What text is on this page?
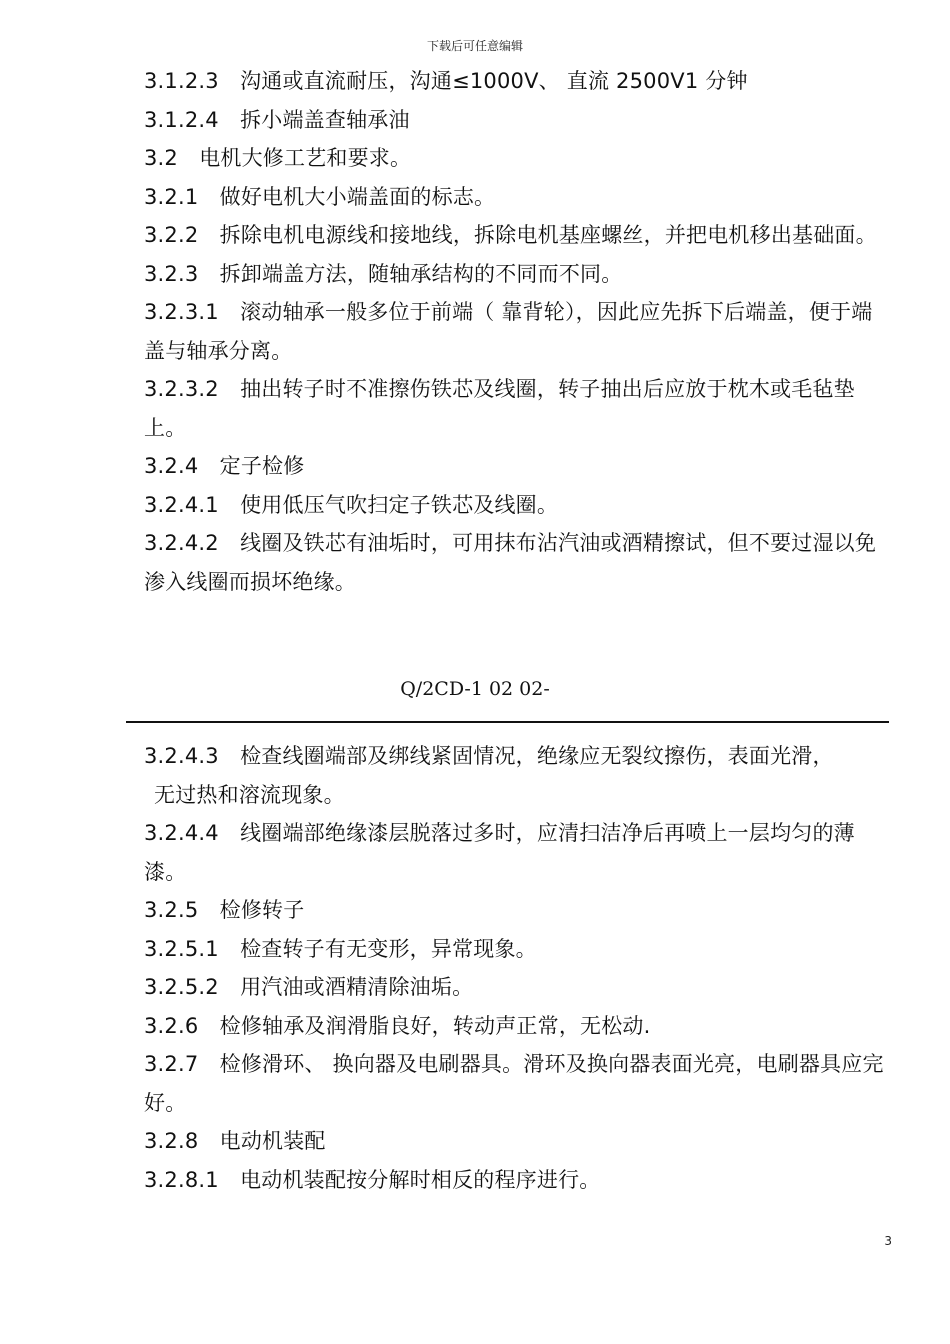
下载后可任意编辑
3.1.2.3　沟通或直流耐压，沟通≤1000V、 直流 2500V1 分钟
3.1.2.4　拆小端盖查轴承油
3.2　电机大修工艺和要求。
3.2.1　做好电机大小端盖面的标志。
3.2.2　拆除电机电源线和接地线，拆除电机基座螺丝，并把电机移出基础面。
3.2.3　拆卸端盖方法，随轴承结构的不同而不同。
3.2.3.1　滚动轴承一般多位于前端（ 靠背轮），因此应先拆下后端盖，便于端盖与轴承分离。
3.2.3.2　抽出转子时不准擦伤铁芯及线圈，转子抽出后应放于枕木或毛毡垫上。
3.2.4　定子检修
3.2.4.1　使用低压气吹扫定子铁芯及线圈。
3.2.4.2　线圈及铁芯有油垢时，可用抹布沾汽油或酒精擦试，但不要过湿以免渗入线圈而损坏绝缘。
Q/2CD-1 02 02-
3.2.4.3　检查线圈端部及绑线紧固情况，绝缘应无裂纹擦伤，表面光滑，
无过热和溶流现象。
3.2.4.4　线圈端部绝缘漆层脱落过多时，应清扫洁净后再喷上一层均匀的薄漆。
3.2.5　检修转子
3.2.5.1　检查转子有无变形，异常现象。
3.2.5.2　用汽油或酒精清除油垢。
3.2.6　检修轴承及润滑脂良好，转动声正常，无松动.
3.2.7　检修滑环、 换向器及电刷器具。滑环及换向器表面光亮，电刷器具应完好。
3.2.8　电动机装配
3.2.8.1　电动机装配按分解时相反的程序进行。
3
